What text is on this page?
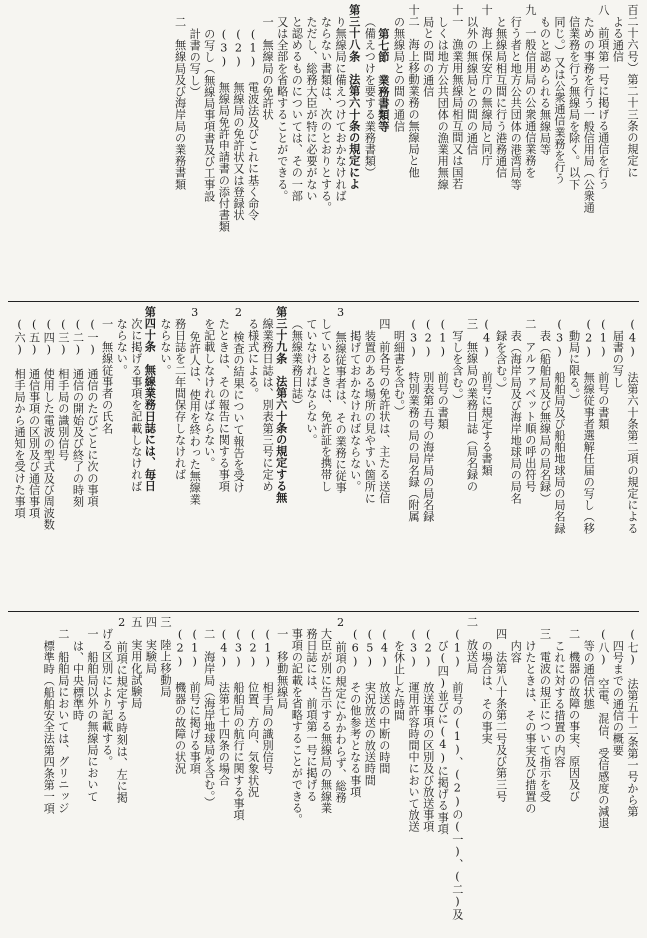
百二十六号）第二十三条の規定に
よる通信
八　前項第一号に掲げる通信を行う
ための事務を行う一般信用局（公衆通
信業務を行う無線局を除く。以下
同じ。）又は公衆通信業務を行う
ものと認められる無線局等
九　一般信用局の公衆通信業務を
行う者と地方公共団体の港湾局等
と無線局相互間に行う港務通信
十　海上保安庁の無線局と同庁
以外の無線局との間の通信
十一　漁業用無線局相互間又は国若
しくは地方公共団体の漁業用無線
局との間の通信
十二　海上移動業務の無線局と他
の無線局との間の通信
第七節　業務書類等
（備えつけを要する業務書類）
第三十八条　法第六十条の規定によ
り無線局に備えつけておかなければ
ならない書類は、次のとおりとする。
ただし、総務大臣が特に必要がない
と認めるものについては、その一部
又は全部を省略することができる。
一　無線局の免許状
(1) 電波法及びこれに基く命令
(2) 無線局の免許状又は登録状
(3) 無線局免許申請書の添付書類
の写し（無線局事項書及び工事設
計書の写し）
二　無線局及び海岸局の業務書類
(4) 法第六十条第二項の規定による
届書の写し
(1) 前号の書類
(2) 無線従事者選解任届の写し（移
動局に限る。）
(3) 船舶局及び船舶地球局の局名録
表（船舶局及び無線局の局名録）
二　アルファベット順の呼出符号
表（海岸局及び海岸地球局の局名
録を含む。）
(4) 前号に規定する書類
三　無線局の業務日誌（局名録の
写しを含む。）
(1) 前号の書類
(2) 別表第五号の海岸局の局名録
(3) 特別業務の局の局名録（附属
明細書を含む。）
四　前各号の免許状は、主たる送信
装置のある場所の見やすい箇所に
掲げておかなければならない。
3　無線従事者は、その業務に従事
しているときは、免許証を携帯し
ていなければならない。
（無線業務日誌）
第三十九条　法第六十条の規定する無
線業務日誌は、別表第三号に定め
る様式による。
2　検査の結果について報告を受け
たときは、その報告に関する事項
を記載しなければならない。
3　免許人は、使用を終わった無線業
務日誌を二年間保存しなければ
ならない。
第四十条　無線業務日誌には、毎日
次に掲げる事項を記載しなければ
ならない。
一　無線従事者の氏名
(一)　通信のたびごとに次の事項
(二)　通信の開始及び終了の時刻
(三)　相手局の識別信号
(四)　使用した電波の型式及び周波数
(五)　通信事項の区別及び通信事項
(六)　相手局から通知を受けた事項
(七)　法第五十二条第一号から第
四号までの通信の概要
(八)　空電、混信、受信感度の減退
等の通信状態
二　機器の故障の事実、原因及び
これに対する措置の内容
三　電波の規正について指示を受
けたときは、その事実及び措置の
内容
四　法第八十条第二号及び第三号
の場合は、その事実
二　放送局
(1) 前号の(1)、(2)の(一)、(二)及
び(四)並びに(4)に掲げる事項
(2) 放送事項の区別及び放送事項
(3) 運用許容時間中において放送
を休止した時間
(4) 放送の中断の時間
(5) 実況放送の放送時間
(6) その他参考となる事項
2　前項の規定にかかわらず、総務
大臣が別に告示する無線局の無線業
務日誌には、前項第一号に掲げる
事項の記載を省略することができる。
一　移動無線局
(1) 相手局の識別信号
(2) 位置、方向、気象状況
(3) 船舶局の航行に関する事項
(4) 法第七十四条の場合
二　海岸局（海岸地球局を含む。）
(1) 前号に掲げる事項
(2) 機器の故障の状況
三　陸上移動局
四　実験局
五　実用化試験局
2　前項に規定する時刻は、左に掲
げる区別により記載する。
一　船舶局以外の無線局において
は、中央標準時
二　船舶局においては、グリニッジ
標準時（船舶安全法第四条第一項
